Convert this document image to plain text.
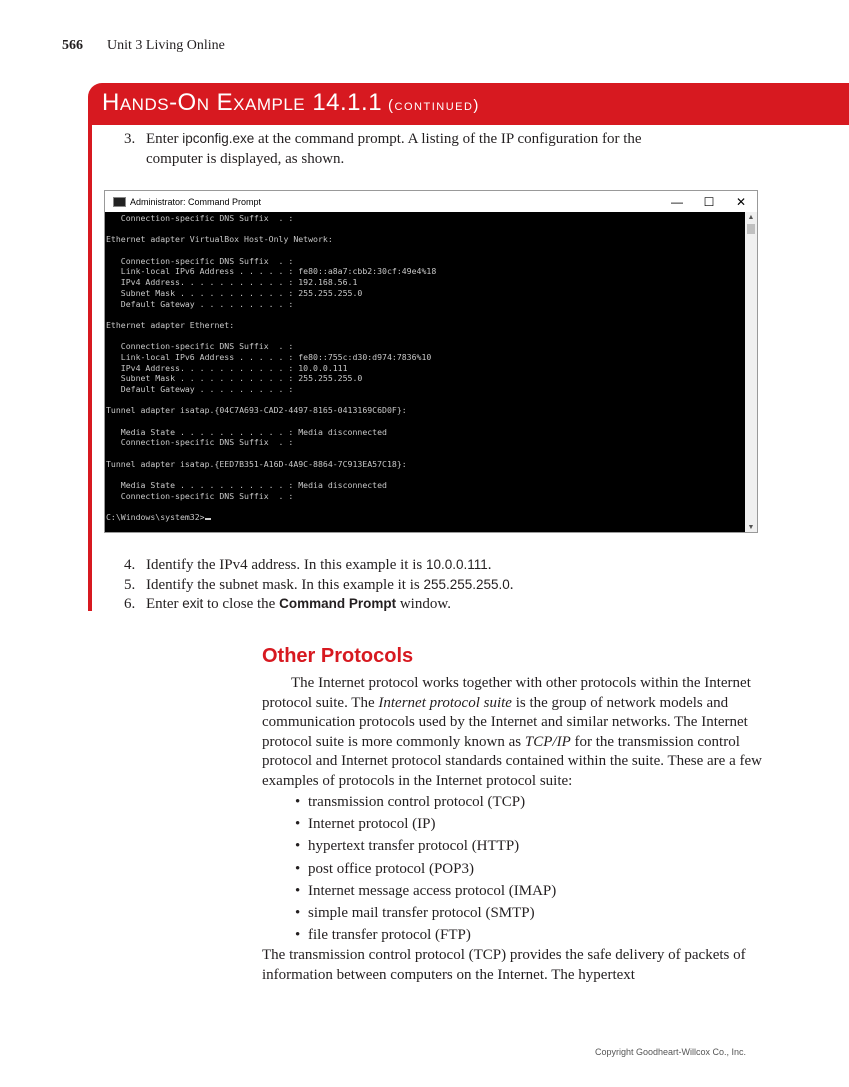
566 Unit 3 Living Online
Hands-On Example 14.1.1 (continued)
3. Enter ipconfig.exe at the command prompt. A listing of the IP configuration for the
computer is displayed, as shown.
Administrator: Command Prompt	—	☐	✕
Connection-specific DNS Suffix  . :
Ethernet adapter VirtualBox Host-Only Network:
Connection-specific DNS Suffix  . :
Link-local IPv6 Address . . . . . : fe80::a8a7:cbb2:30cf:49e4%18
IPv4 Address. . . . . . . . . . . : 192.168.56.1
Subnet Mask . . . . . . . . . . . : 255.255.255.0
Default Gateway . . . . . . . . . :
Ethernet adapter Ethernet:
Connection-specific DNS Suffix  . :
Link-local IPv6 Address . . . . . : fe80::755c:d30:d974:7836%10
IPv4 Address. . . . . . . . . . . : 10.0.0.111
Subnet Mask . . . . . . . . . . . : 255.255.255.0
Default Gateway . . . . . . . . . :
Tunnel adapter isatap.{04C7A693-CAD2-4497-8165-0413169C6D0F}:
Media State . . . . . . . . . . . : Media disconnected
Connection-specific DNS Suffix  . :
Tunnel adapter isatap.{EED7B351-A16D-4A9C-8864-7C913EA57C18}:
Media State . . . . . . . . . . . : Media disconnected
Connection-specific DNS Suffix  . :
C:\Windows\system32>
▲
▼
4. Identify the IPv4 address. In this example it is 10.0.0.111.
5. Identify the subnet mask. In this example it is 255.255.255.0.
6. Enter exit to close the Command Prompt window.
Other Protocols

The Internet protocol works together with other protocols within the Internet protocol suite. The Internet protocol suite is the group of network models and communication protocols used by the Internet and similar networks. The Internet protocol suite is more commonly known as TCP/IP for the transmission control protocol and Internet protocol standards contained within the suite. These are a few examples of protocols in the Internet protocol suite:

• transmission control protocol (TCP)
• Internet protocol (IP)
• hypertext transfer protocol (HTTP)
• post office protocol (POP3)
• Internet message access protocol (IMAP)
• simple mail transfer protocol (SMTP)
• file transfer protocol (FTP)

The transmission control protocol (TCP) provides the safe delivery of packets of information between computers on the Internet. The hypertext

Copyright Goodheart-Willcox Co., Inc.
